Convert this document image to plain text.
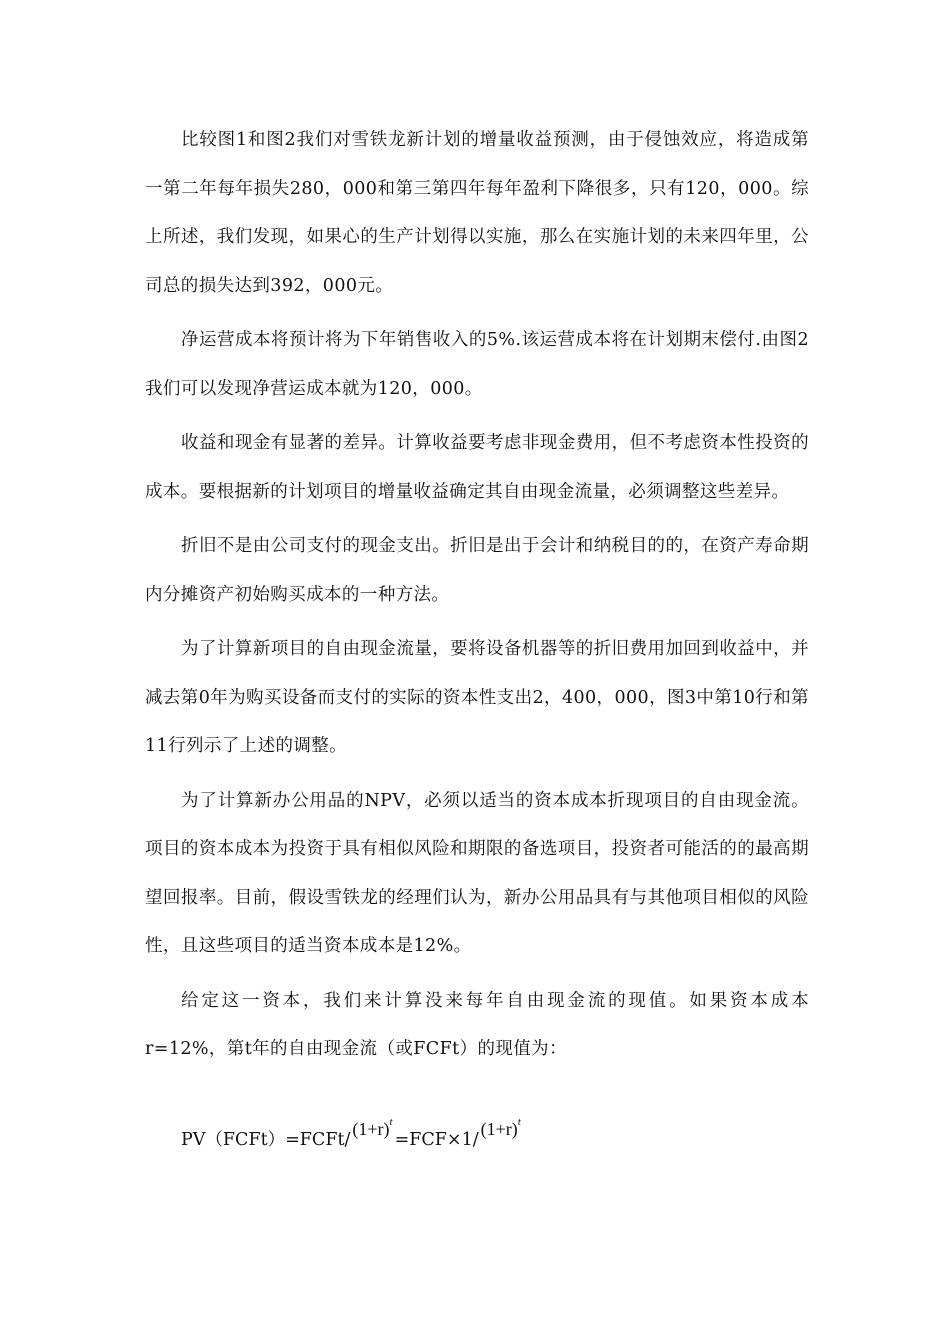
比较图1和图2我们对雪铁龙新计划的增量收益预测，由于侵蚀效应，将造成第一第二年每年损失280，000和第三第四年每年盈利下降很多，只有120，000。综上所述，我们发现，如果心的生产计划得以实施，那么在实施计划的未来四年里，公司总的损失达到392，000元。

净运营成本将预计将为下年销售收入的5%.该运营成本将在计划期末偿付.由图2我们可以发现净营运成本就为120，000。

收益和现金有显著的差异。计算收益要考虑非现金费用，但不考虑资本性投资的成本。要根据新的计划项目的增量收益确定其自由现金流量，必须调整这些差异。

折旧不是由公司支付的现金支出。折旧是出于会计和纳税目的的，在资产寿命期内分摊资产初始购买成本的一种方法。

为了计算新项目的自由现金流量，要将设备机器等的折旧费用加回到收益中，并减去第0年为购买设备而支付的实际的资本性支出2，400，000，图3中第10行和第11行列示了上述的调整。

为了计算新办公用品的NPV，必须以适当的资本成本折现项目的自由现金流。项目的资本成本为投资于具有相似风险和期限的备选项目，投资者可能活的的最高期望回报率。目前，假设雪铁龙的经理们认为，新办公用品具有与其他项目相似的风险性，且这些项目的适当资本成本是12%。

给定这一资本，我们来计算没来每年自由现金流的现值。如果资本成本r=12%，第t年的自由现金流（或FCFt）的现值为：

$PV(FCFt)=FCFt/(1+r)^t=FCF\times 1/(1+r)^t$
